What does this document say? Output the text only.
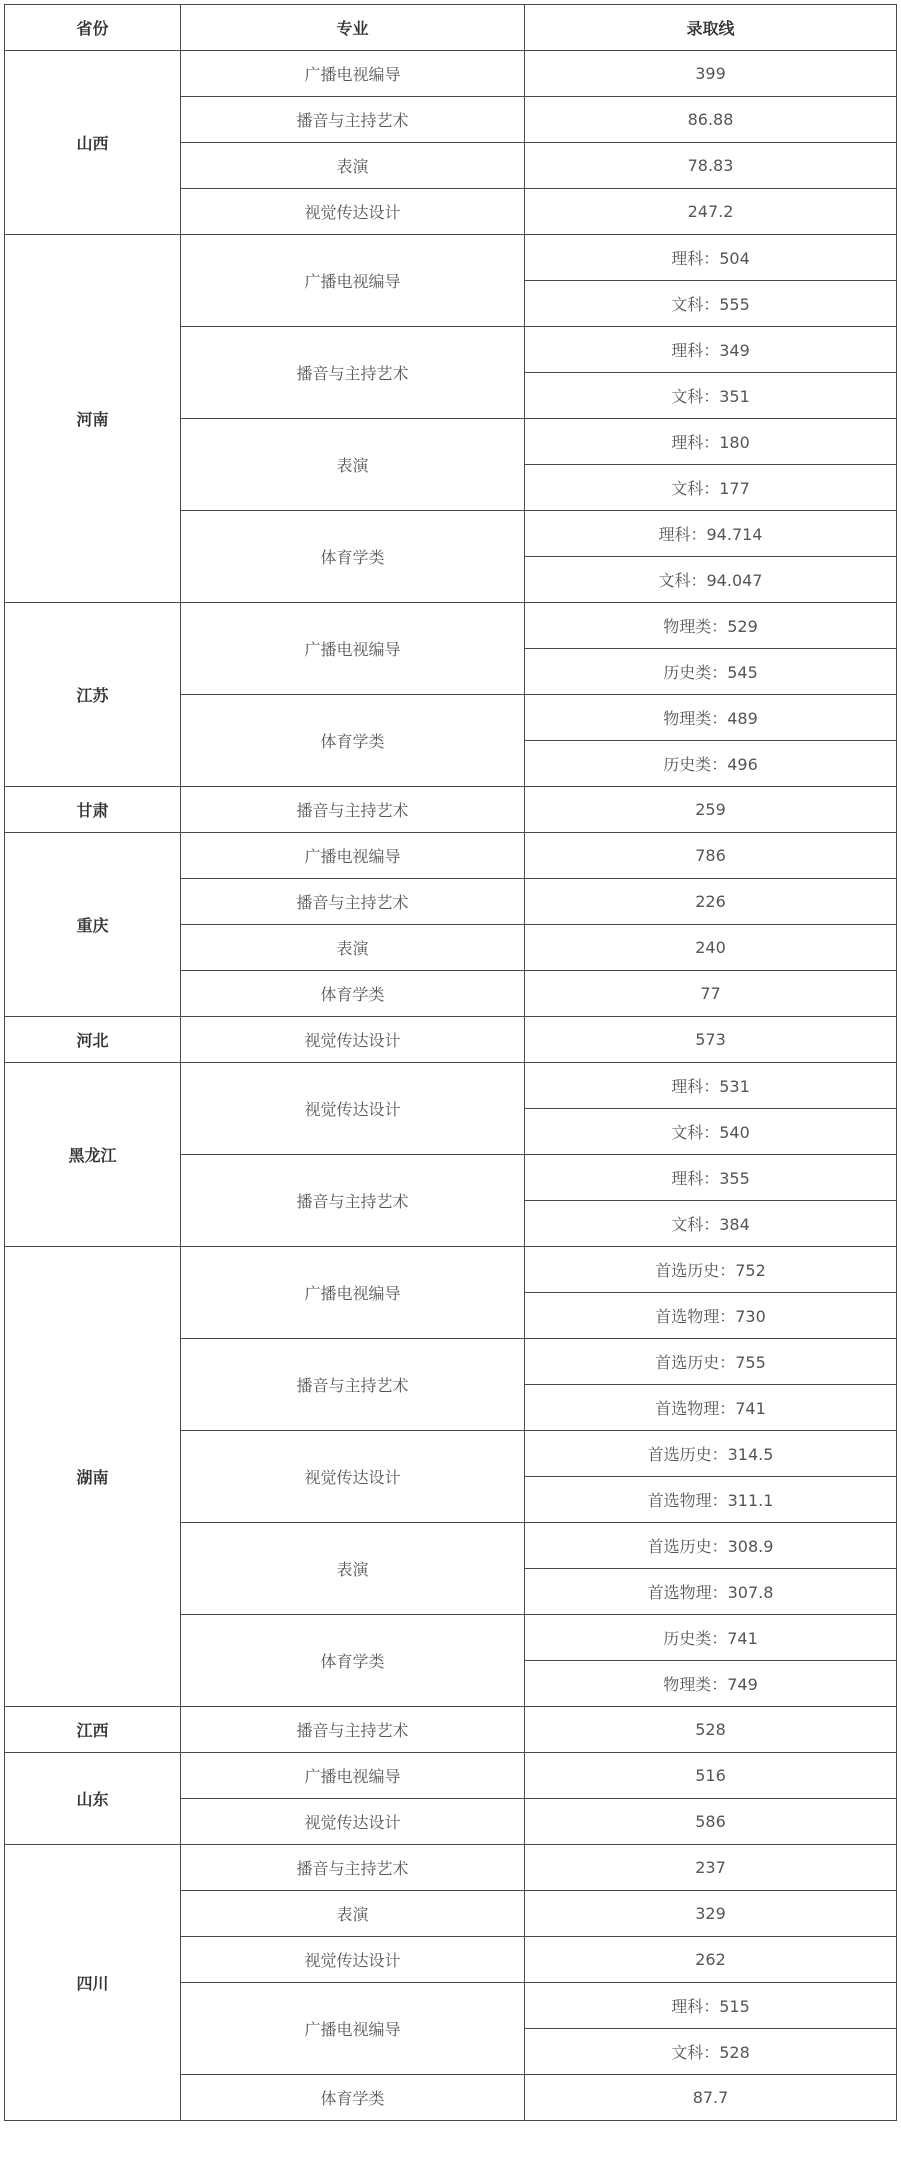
省份	专业	录取线
山西	广播电视编导	399
	播音与主持艺术	86.88
	表演	78.83
	视觉传达设计	247.2
河南	广播电视编导	理科：504
		文科：555
	播音与主持艺术	理科：349
		文科：351
	表演	理科：180
		文科：177
	体育学类	理科：94.714
		文科：94.047
江苏	广播电视编导	物理类：529
		历史类：545
	体育学类	物理类：489
		历史类：496
甘肃	播音与主持艺术	259
重庆	广播电视编导	786
	播音与主持艺术	226
	表演	240
	体育学类	77
河北	视觉传达设计	573
黑龙江	视觉传达设计	理科：531
		文科：540
	播音与主持艺术	理科：355
		文科：384
湖南	广播电视编导	首选历史：752
		首选物理：730
	播音与主持艺术	首选历史：755
		首选物理：741
	视觉传达设计	首选历史：314.5
		首选物理：311.1
	表演	首选历史：308.9
		首选物理：307.8
	体育学类	历史类：741
		物理类：749
江西	播音与主持艺术	528
山东	广播电视编导	516
	视觉传达设计	586
四川	播音与主持艺术	237
	表演	329
	视觉传达设计	262
	广播电视编导	理科：515
		文科：528
	体育学类	87.7
